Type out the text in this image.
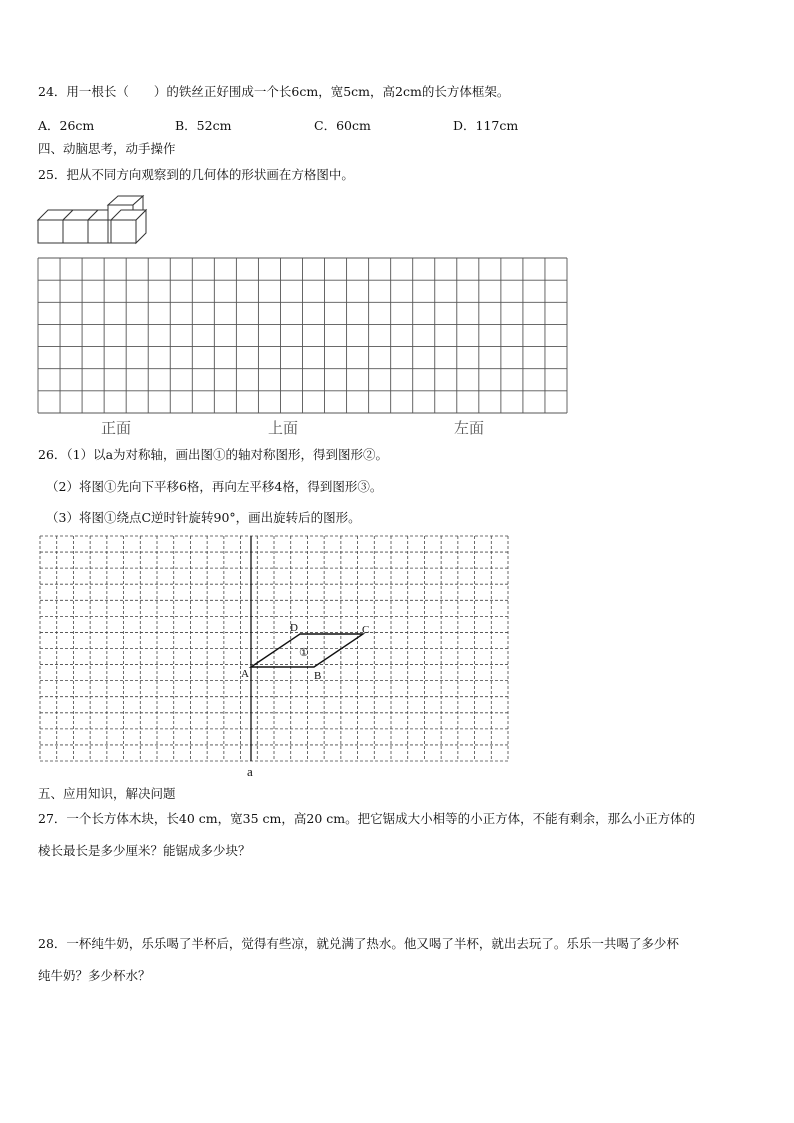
24．用一根长（　　）的铁丝正好围成一个长6cm，宽5cm，高2cm的长方体框架。
A．26cm	B．52cm	C．60cm	D．117cm
四、动脑思考，动手操作
25．把从不同方向观察到的几何体的形状画在方格图中。
正面	上面	左面
26．（1）以a为对称轴，画出图①的轴对称图形，得到图形②。
（2）将图①先向下平移6格，再向左平移4格，得到图形③。
（3）将图①绕点C逆时针旋转90°，画出旋转后的图形。
A	B
C
D
①
a
五、应用知识，解决问题
27．一个长方体木块，长40 cm，宽35 cm，高20 cm。把它锯成大小相等的小正方体，不能有剩余，那么小正方体的
棱长最长是多少厘米？能锯成多少块？
28．一杯纯牛奶，乐乐喝了半杯后，觉得有些凉，就兑满了热水。他又喝了半杯，就出去玩了。乐乐一共喝了多少杯
纯牛奶？多少杯水？
